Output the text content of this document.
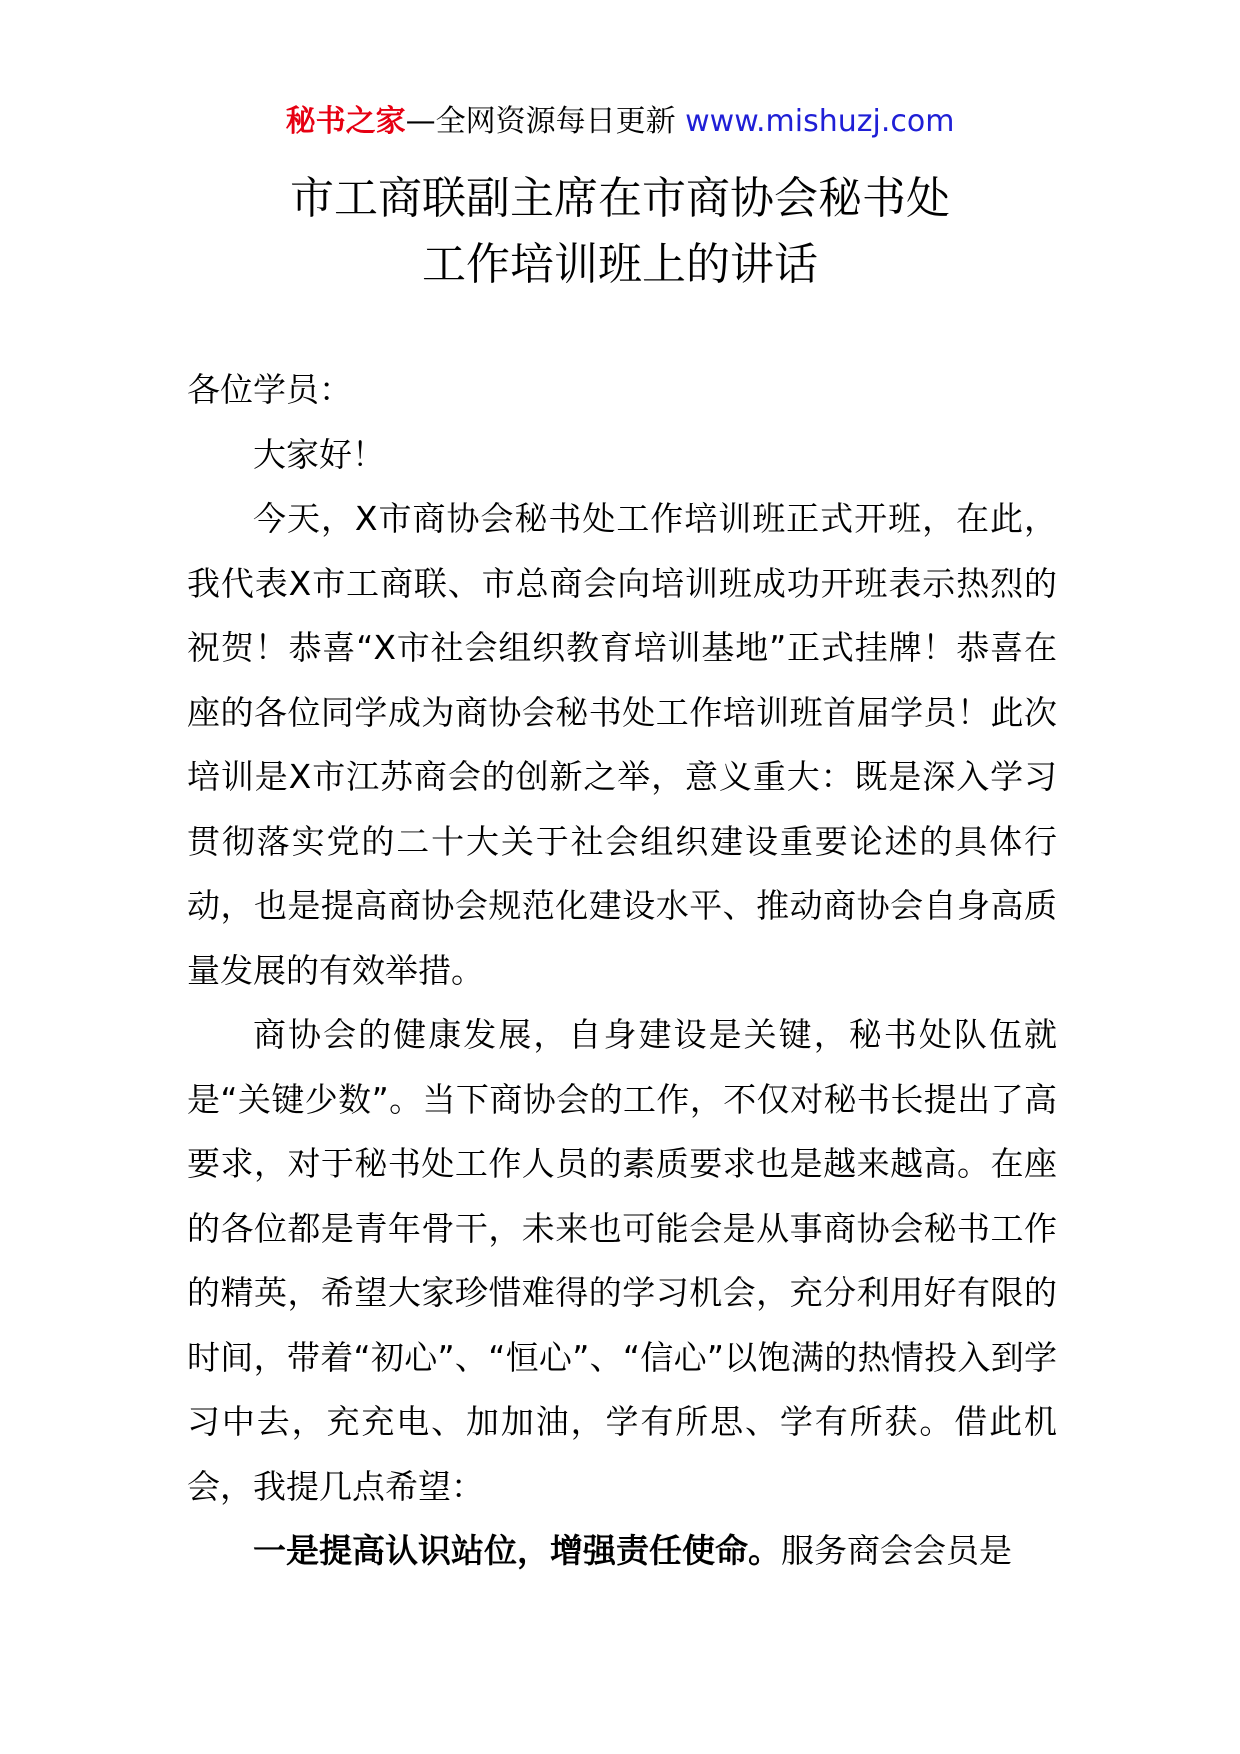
秘书之家—全网资源每日更新 www.mishuzj.com
市工商联副主席在市商协会秘书处
工作培训班上的讲话

各位学员：

大家好！

今天，X市商协会秘书处工作培训班正式开班，在此，我代表X市工商联、市总商会向培训班成功开班表示热烈的祝贺！恭喜“X市社会组织教育培训基地”正式挂牌！恭喜在座的各位同学成为商协会秘书处工作培训班首届学员！此次培训是X市江苏商会的创新之举，意义重大：既是深入学习贯彻落实党的二十大关于社会组织建设重要论述的具体行动，也是提高商协会规范化建设水平、推动商协会自身高质量发展的有效举措。

商协会的健康发展，自身建设是关键，秘书处队伍就是“关键少数”。当下商协会的工作，不仅对秘书长提出了高要求，对于秘书处工作人员的素质要求也是越来越高。在座的各位都是青年骨干，未来也可能会是从事商协会秘书工作的精英，希望大家珍惜难得的学习机会，充分利用好有限的时间，带着“初心”、“恒心”、“信心”以饱满的热情投入到学习中去，充充电、加加油，学有所思、学有所获。借此机会，我提几点希望：

一是提高认识站位，增强责任使命。服务商会会员是
